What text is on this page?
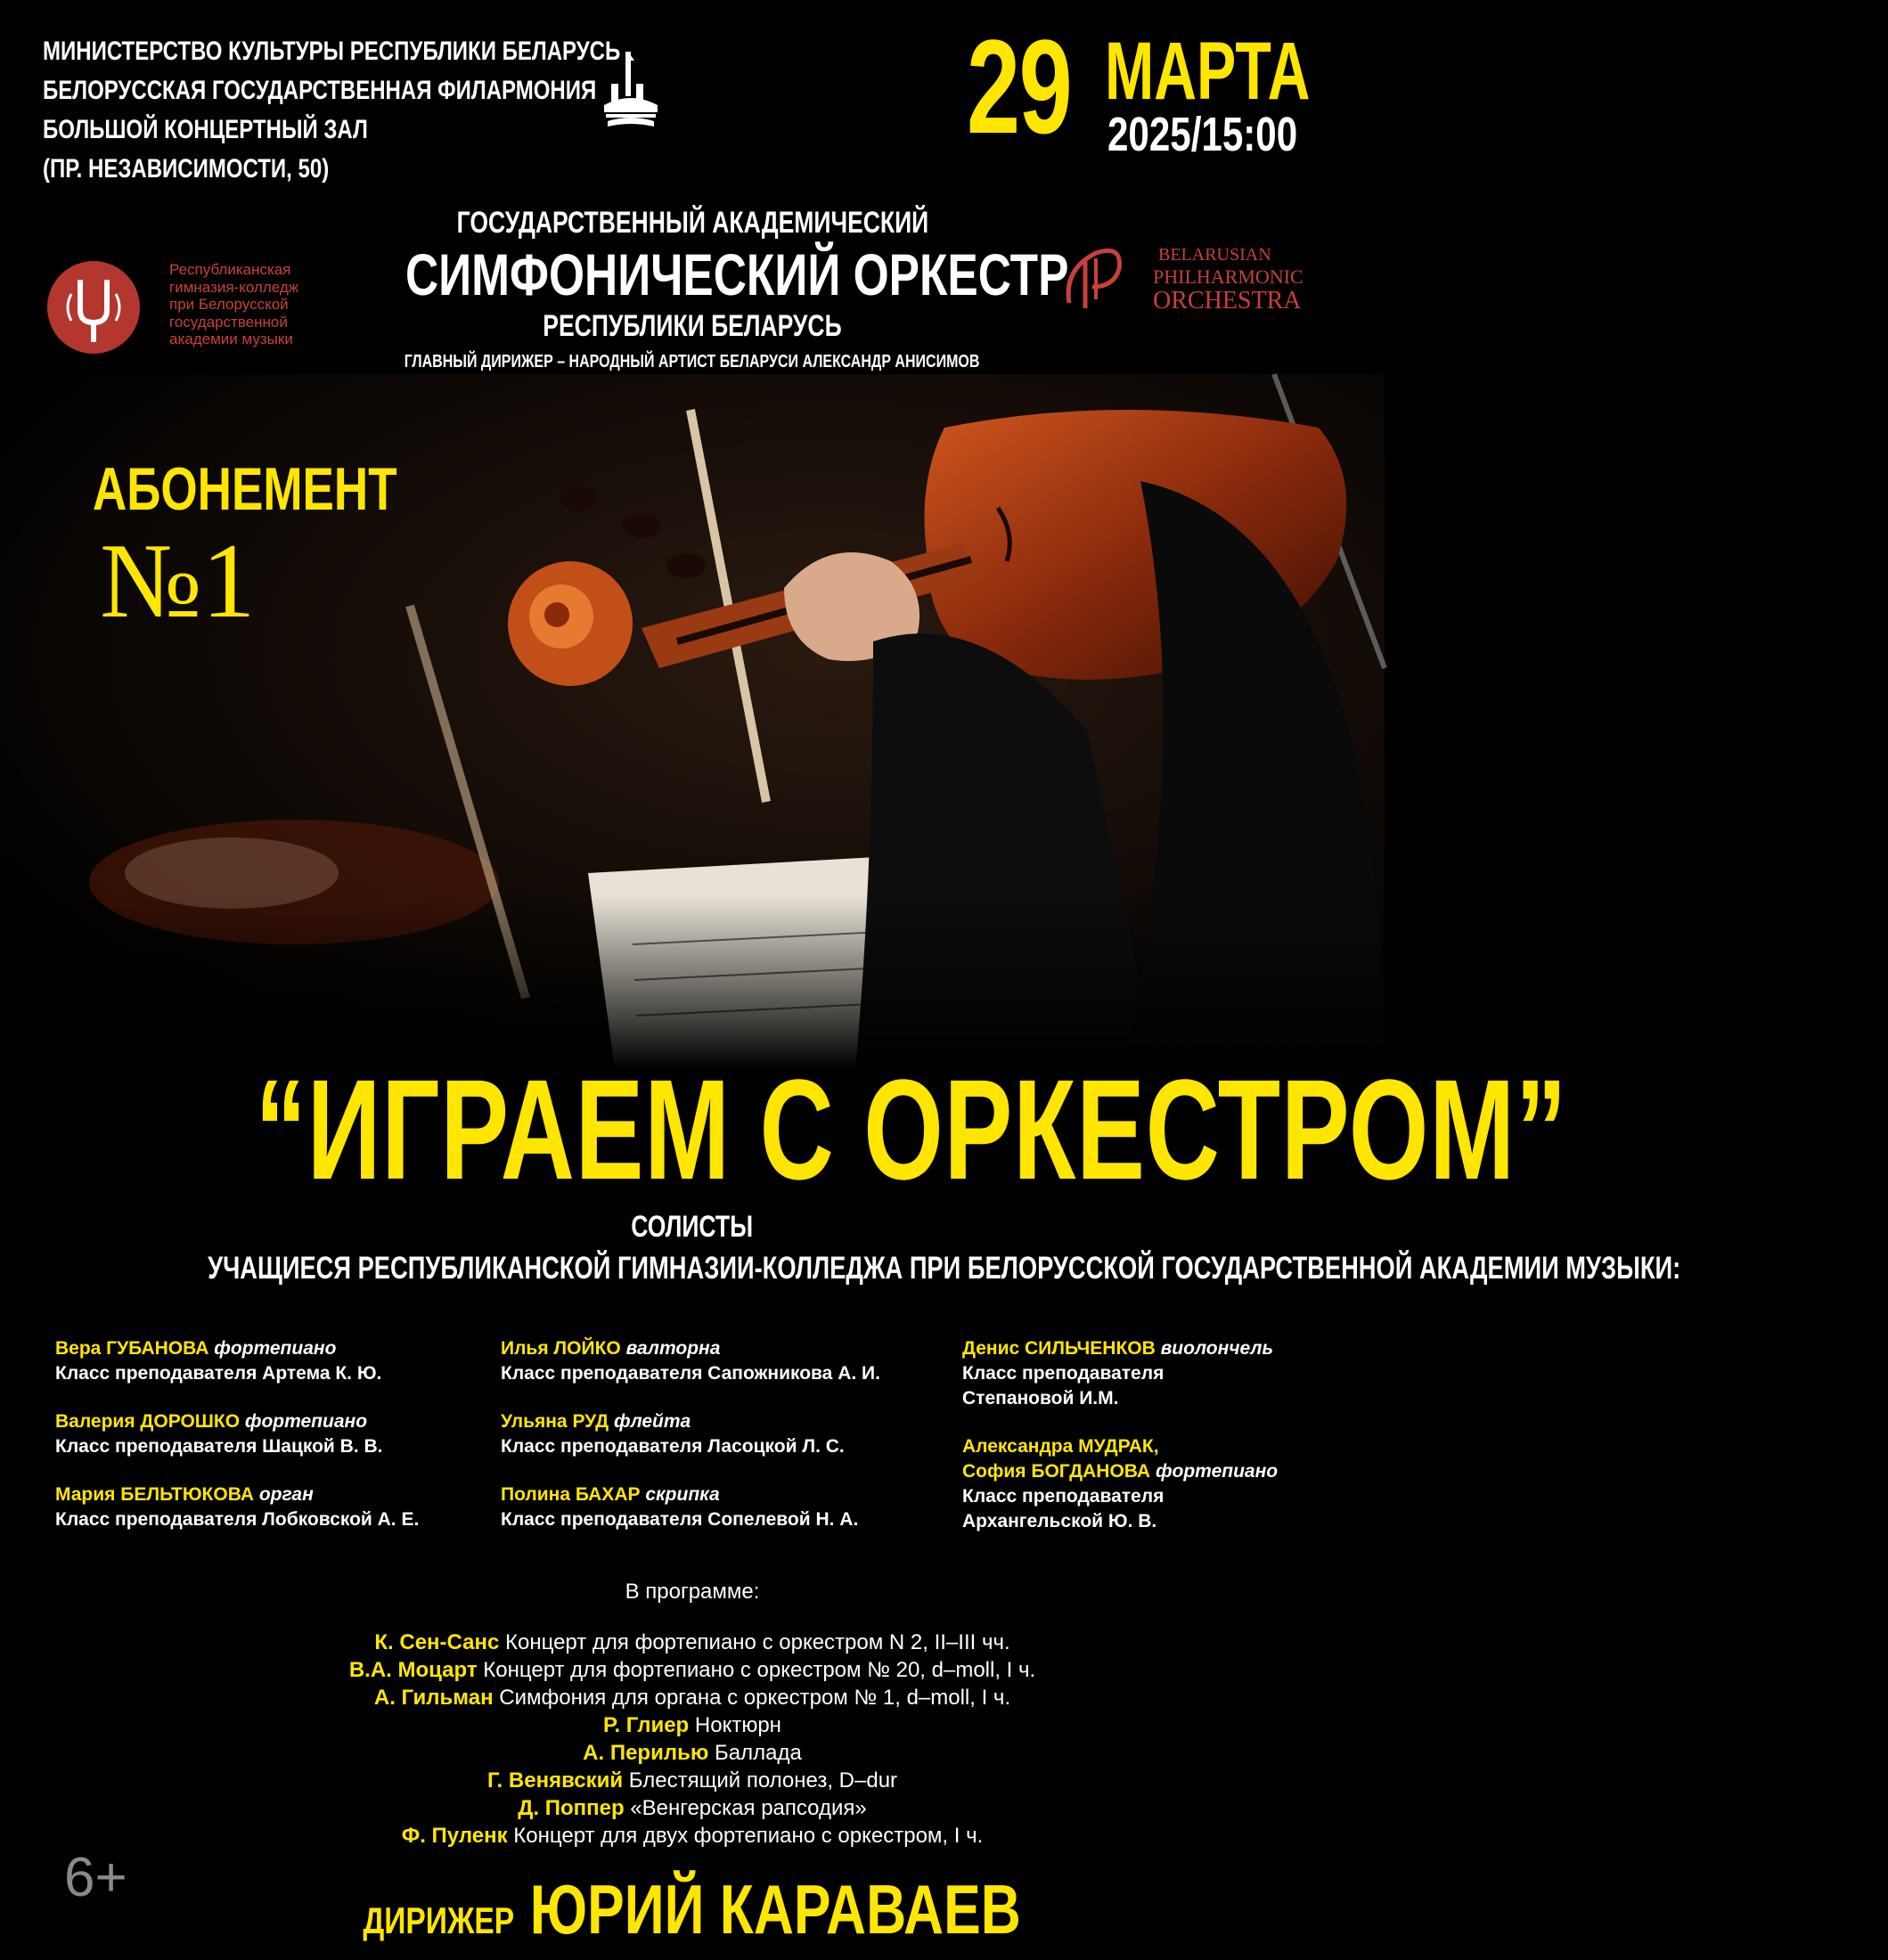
МИНИСТЕРСТВО КУЛЬТУРЫ РЕСПУБЛИКИ БЕЛАРУСЬ
БЕЛОРУССКАЯ ГОСУДАРСТВЕННАЯ ФИЛАРМОНИЯ
БОЛЬШОЙ КОНЦЕРТНЫЙ ЗАЛ
(ПР. НЕЗАВИСИМОСТИ, 50)
29 МАРТА
2025/15:00
ГОСУДАРСТВЕННЫЙ АКАДЕМИЧЕСКИЙ
СИМФОНИЧЕСКИЙ ОРКЕСТР
РЕСПУБЛИКИ БЕЛАРУСЬ
ГЛАВНЫЙ ДИРИЖЕР – НАРОДНЫЙ АРТИСТ БЕЛАРУСИ АЛЕКСАНДР АНИСИМОВ
Республиканская
гимназия-колледж
при Белорусской
государственной
академии музыки
BELARUSIAN
PHILHARMONIC
ORCHESTRA
АБОНЕМЕНТ
№1
“ИГРАЕМ С ОРКЕСТРОМ”
СОЛИСТЫ
УЧАЩИЕСЯ РЕСПУБЛИКАНСКОЙ ГИМНАЗИИ-КОЛЛЕДЖА ПРИ БЕЛОРУССКОЙ ГОСУДАРСТВЕННОЙ АКАДЕМИИ МУЗЫКИ:
Вера ГУБАНОВА фортепиано
Класс преподавателя Артема К. Ю.
Валерия ДОРОШКО фортепиано
Класс преподавателя Шацкой В. В.
Мария БЕЛЬТЮКОВА орган
Класс преподавателя Лобковской А. Е.
Илья ЛОЙКО валторна
Класс преподавателя Сапожникова А. И.
Ульяна РУД флейта
Класс преподавателя Ласоцкой Л. С.
Полина БАХАР скрипка
Класс преподавателя Сопелевой Н. А.
Денис СИЛЬЧЕНКОВ виолончель
Класс преподавателя
Степановой И.М.
Александра МУДРАК,
София БОГДАНОВА фортепиано
Класс преподавателя
Архангельской Ю. В.
В программе:
К. Сен-Санс Концерт для фортепиано с оркестром N 2, II–III чч.
В.А. Моцарт Концерт для фортепиано с оркестром № 20, d–moll, I ч.
А. Гильман Симфония для органа с оркестром № 1, d–moll, I ч.
Р. Глиер Ноктюрн
А. Перилью Баллада
Г. Венявский Блестящий полонез, D–dur
Д. Поппер «Венгерская рапсодия»
Ф. Пуленк Концерт для двух фортепиано с оркестром, I ч.
6+
ДИРИЖЕР ЮРИЙ КАРАВАЕВ
